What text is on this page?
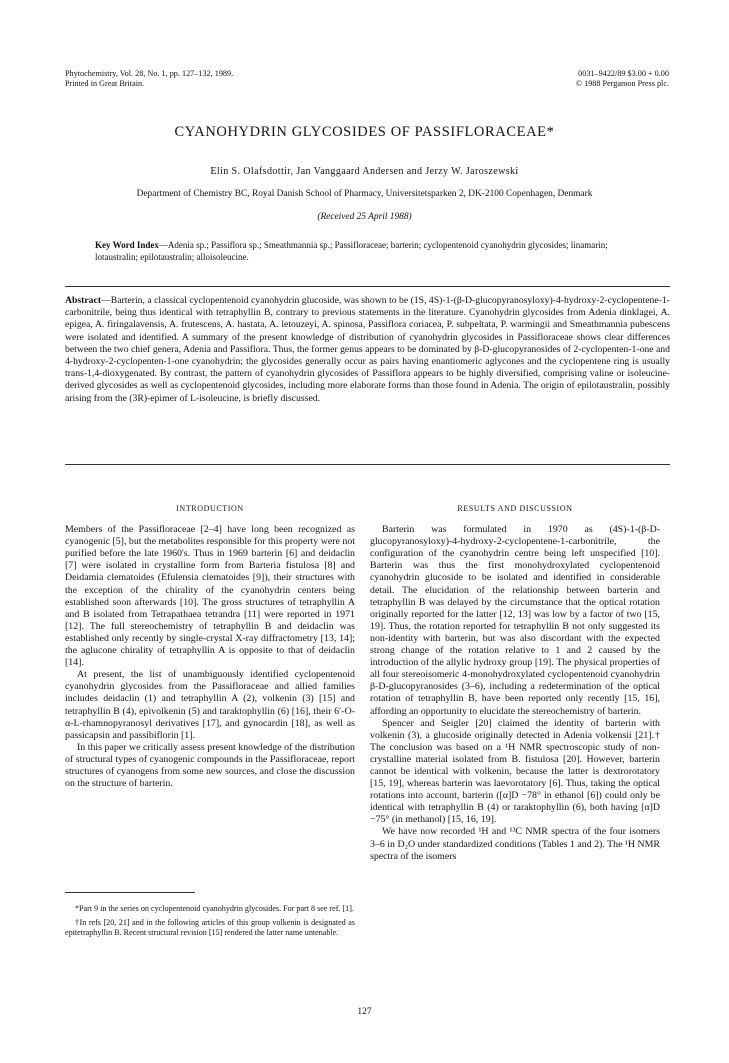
Phytochemistry, Vol. 28, No. 1, pp. 127–132, 1989.
Printed in Great Britain.
0031–9422/89 $3.00 + 0.00
© 1988 Pergamon Press plc.
CYANOHYDRIN GLYCOSIDES OF PASSIFLORACEAE*
Elin S. Olafsdottir, Jan Vanggaard Andersen and Jerzy W. Jaroszewski
Department of Chemistry BC, Royal Danish School of Pharmacy, Universitetsparken 2, DK-2100 Copenhagen, Denmark
(Received 25 April 1988)
Key Word Index—Adenia sp.; Passiflora sp.; Smeathmannia sp.; Passifloraceae; barterin; cyclopentenoid cyanohydrin glycosides; linamarin; lotaustralin; epilotaustralin; alloisoleucine.
Abstract—Barterin, a classical cyclopentenoid cyanohydrin glucoside, was shown to be (1S, 4S)-1-(β-D-glucopyranosyloxy)-4-hydroxy-2-cyclopentene-1-carbonitrile, being thus identical with tetraphyllin B, contrary to previous statements in the literature. Cyanohydrin glycosides from Adenia dinklagei, A. epigea, A. firingalavensis, A. frutescens, A. hastata, A. letouzeyi, A. spinosa, Passiflora coriacea, P. subpeltata, P. warmingii and Smeathmannia pubescens were isolated and identified. A summary of the present knowledge of distribution of cyanohydrin glycosides in Passifloraceae shows clear differences between the two chief genera, Adenia and Passiflora. Thus, the former genus appears to be dominated by β-D-glucopyranosides of 2-cyclopenten-1-one and 4-hydroxy-2-cyclopenten-1-one cyanohydrin; the glycosides generally occur as pairs having enantiomeric aglycones and the cyclopentene ring is usually trans-1,4-dioxygenated. By contrast, the pattern of cyanohydrin glycosides of Passiflora appears to be highly diversified, comprising valine or isoleucine-derived glycosides as well as cyclopentenoid glycosides, including more elaborate forms than those found in Adenia. The origin of epilotaustralin, possibly arising from the (3R)-epimer of L-isoleucine, is briefly discussed.
INTRODUCTION

Members of the Passifloraceae [2–4] have long been recognized as cyanogenic [5], but the metabolites responsible for this property were not purified before the late 1960's. Thus in 1969 barterin [6] and deidaclin [7] were isolated in crystalline form from Barteria fistulosa [8] and Deidamia clematoides (Efulensia clematoides [9]), their structures with the exception of the chirality of the cyanohydrin centers being established soon afterwards [10]. The gross structures of tetraphyllin A and B isolated from Tetrapathaea tetrandra [11] were reported in 1971 [12]. The full stereochemistry of tetraphyllin B and deidaclin was established only recently by single-crystal X-ray diffractometry [13, 14]; the aglucone chirality of tetraphyllin A is opposite to that of deidaclin [14].

At present, the list of unambiguously identified cyclopentenoid cyanohydrin glycosides from the Passifloraceae and allied families includes deidaclin (1) and tetraphyllin A (2), volkenin (3) [15] and tetraphyllin B (4), epivolkenin (5) and taraktophyllin (6) [16], their 6′-O-α-L-rhamnopyranosyl derivatives [17], and gynocardin [18], as well as passicapsin and passibiflorin [1].

In this paper we critically assess present knowledge of the distribution of structural types of cyanogenic compounds in the Passifloraceae, report structures of cyanogens from some new sources, and close the discussion on the structure of barterin.

*Part 9 in the series on cyclopentenoid cyanohydrin glycosides. For part 8 see ref. [1].

†In refs [20, 21] and in the following articles of this group volkenin is designated as epitetraphyllin B. Recent structural revision [15] rendered the latter name untenable.

RESULTS AND DISCUSSION

Barterin was formulated in 1970 as (4S)-1-(β-D-glucopyranosyloxy)-4-hydroxy-2-cyclopentene-1-carbonitrile, the configuration of the cyanohydrin centre being left unspecified [10]. Barterin was thus the first monohydroxylated cyclopentenoid cyanohydrin glucoside to be isolated and identified in considerable detail. The elucidation of the relationship between barterin and tetraphyllin B was delayed by the circumstance that the optical rotation originally reported for the latter [12, 13] was low by a factor of two [15, 19]. Thus, the rotation reported for tetraphyllin B not only suggested its non-identity with barterin, but was also discordant with the expected strong change of the rotation relative to 1 and 2 caused by the introduction of the allylic hydroxy group [19]. The physical properties of all four stereoisomeric 4-monohydroxylated cyclopentenoid cyanohydrin β-D-glucopyranosides (3–6), including a redetermination of the optical rotation of tetraphyllin B, have been reported only recently [15, 16], affording an opportunity to elucidate the stereochemistry of barterin.

Spencer and Seigler [20] claimed the identity of barterin with volkenin (3), a glucoside originally detected in Adenia volkensii [21].† The conclusion was based on a ¹H NMR spectroscopic study of non-crystalline material isolated from B. fistulosa [20]. However, barterin cannot be identical with volkenin, because the latter is dextrorotatory [15, 19], whereas barterin was laevorotatory [6]. Thus, taking the optical rotations into account, barterin ([α]D −78° in ethanol [6]) could only be identical with tetraphyllin B (4) or taraktophyllin (6), both having [α]D −75° (in methanol) [15, 16, 19].

We have now recorded ¹H and ¹³C NMR spectra of the four isomers 3–6 in D₂O under standardized conditions (Tables 1 and 2). The ¹H NMR spectra of the isomers

127
